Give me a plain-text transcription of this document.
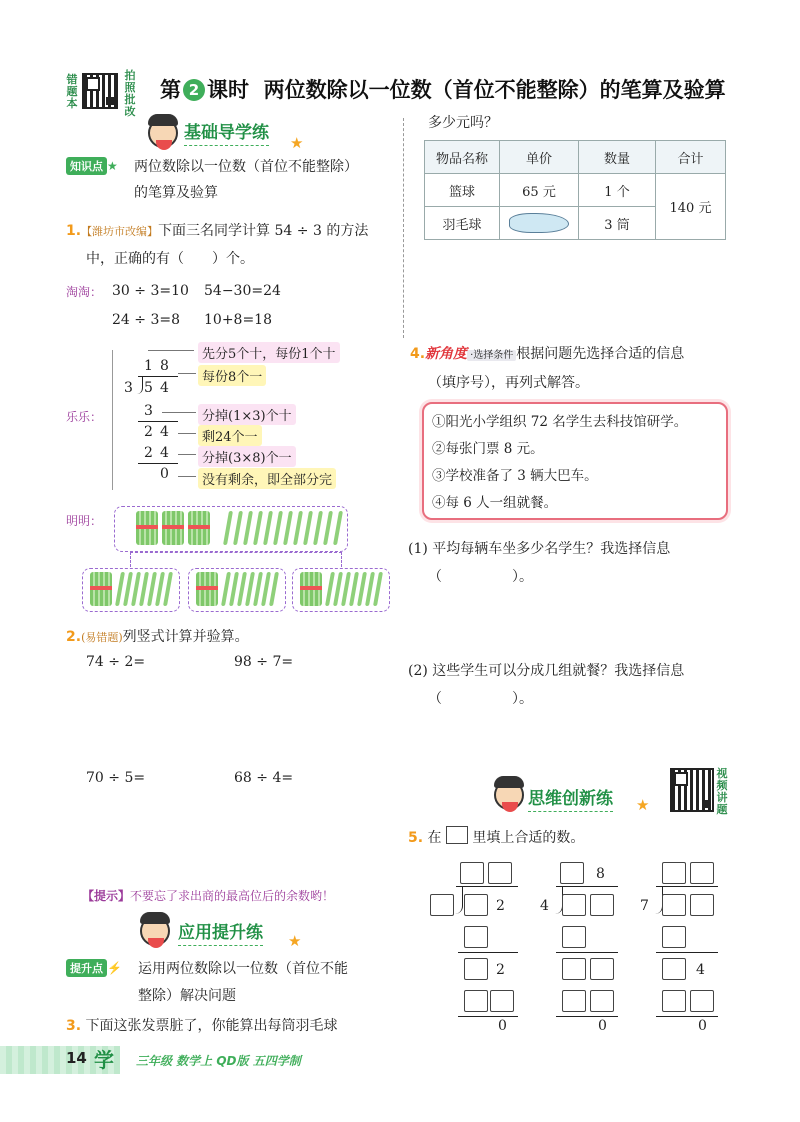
错题本
拍照批改
第 2 课时 两位数除以一位数（首位不能整除）的笔算及验算
基础导学练 ★
知识点 ★ 两位数除以一位数（首位不能整除）
的笔算及验算
1.【潍坊市改编】下面三名同学计算 54 ÷ 3 的方法
中，正确的有（　　）个。
淘淘： 30 ÷ 3=10 54−30=24
24 ÷ 3=8 10+8=18
乐乐：
1 8
3 5 4
3
2 4
2 4
0
先分5个十，每份1个十
每份8个一
分掉(1×3)个十
剩24个一
分掉(3×8)个一
没有剩余，即全部分完
明明：
2.(易错题)列竖式计算并验算。
74 ÷ 2=	98 ÷ 7=
70 ÷ 5=	68 ÷ 4=
【提示】不要忘了求出商的最高位后的余数哟！
应用提升练 ★
提升点 ⚡ 运用两位数除以一位数（首位不能
整除）解决问题
3. 下面这张发票脏了，你能算出每筒羽毛球
多少元吗？
物品名称	单价	数量	合计
篮球	65 元	1 个	140 元
羽毛球		3 筒	
4.新角度 ·选择条件 根据问题先选择合适的信息
（填序号），再列式解答。
①阳光小学组织 72 名学生去科技馆研学。
②每张门票 8 元。
③学校准备了 3 辆大巴车。
④每 6 人一组就餐。
(1) 平均每辆车坐多少名学生？我选择信息
（　　　　　）。
(2) 这些学生可以分成几组就餐？我选择信息
（　　　　　）。
思维创新练 ★
视频讲题
5. 在 里填上合适的数。
2
2
0
8
4
0
7
4
0
14 学 三年级 数学上 QD版 五四学制
